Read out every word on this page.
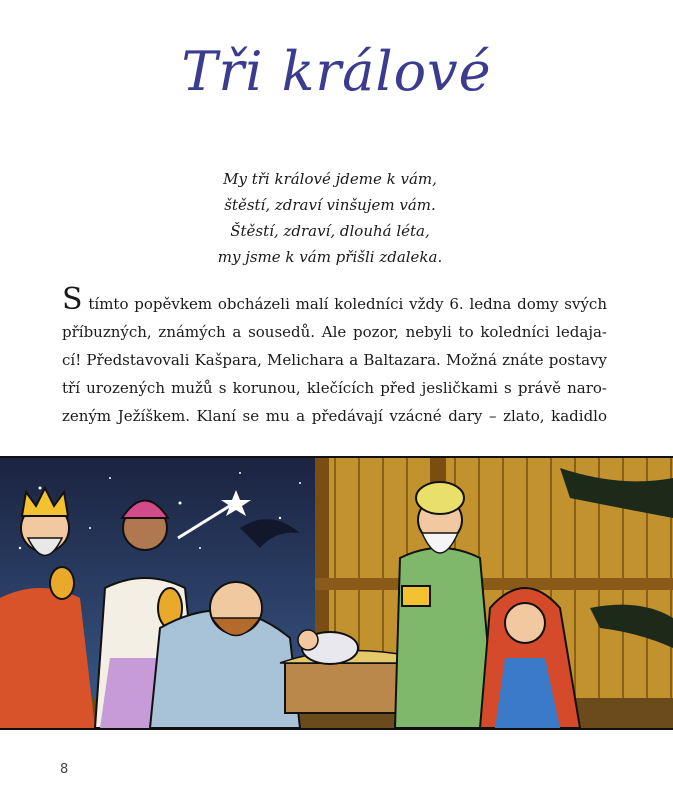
Tři králové
My tři králové jdeme k vám,
štěstí, zdraví vinšujem vám.
Štěstí, zdraví, dlouhá léta,
my jsme k vám přišli zdaleka.
S tímto popěvkem obcházeli malí koledníci vždy 6. ledna domy svých
příbuzných, známých a sousedů. Ale pozor, nebyli to koledníci ledaja-
cí! Představovali Kašpara, Melichara a Baltazara. Možná znáte postavy
tří urozených mužů s korunou, klečících před jesličkami s právě naro-
zeným Ježíškem. Klaní se mu a předávají vzácné dary – zlato, kadidlo
8
